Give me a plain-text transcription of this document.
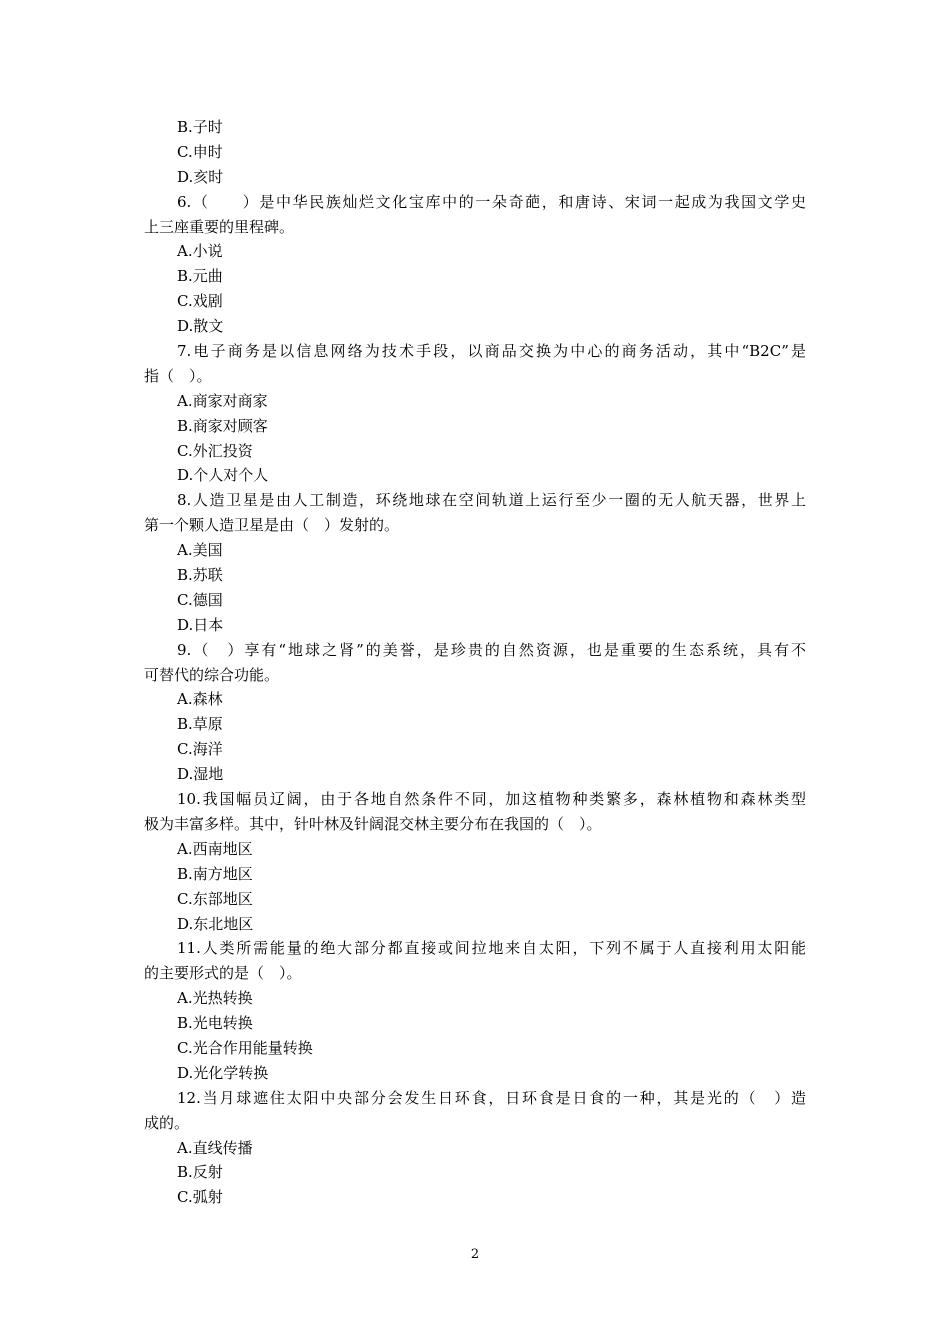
B.子时
C.申时
D.亥时
6.（　　）是中华民族灿烂文化宝库中的一朵奇葩，和唐诗、宋词一起成为我国文学史
上三座重要的里程碑。
A.小说
B.元曲
C.戏剧
D.散文
7.电子商务是以信息网络为技术手段，以商品交换为中心的商务活动，其中“B2C”是
指（　）。
A.商家对商家
B.商家对顾客
C.外汇投资
D.个人对个人
8.人造卫星是由人工制造，环绕地球在空间轨道上运行至少一圈的无人航天器，世界上
第一个颗人造卫星是由（　）发射的。
A.美国
B.苏联
C.德国
D.日本
9.（　）享有“地球之肾”的美誉，是珍贵的自然资源，也是重要的生态系统，具有不
可替代的综合功能。
A.森林
B.草原
C.海洋
D.湿地
10.我国幅员辽阔，由于各地自然条件不同，加这植物种类繁多，森林植物和森林类型
极为丰富多样。其中，针叶林及针阔混交林主要分布在我国的（　）。
A.西南地区
B.南方地区
C.东部地区
D.东北地区
11.人类所需能量的绝大部分都直接或间拉地来自太阳，下列不属于人直接利用太阳能
的主要形式的是（　）。
A.光热转换
B.光电转换
C.光合作用能量转换
D.光化学转换
12.当月球遮住太阳中央部分会发生日环食，日环食是日食的一种，其是光的（　）造
成的。
A.直线传播
B.反射
C.弧射
2
